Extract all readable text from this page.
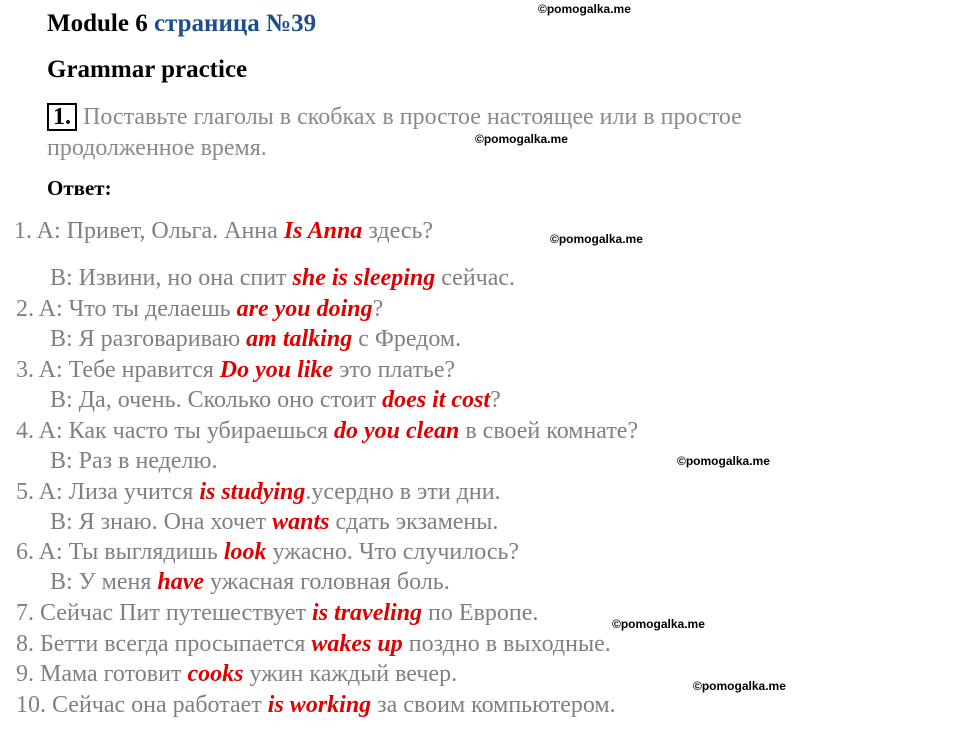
Module 6 страница №39
Grammar practice
1. Поставьте глаголы в скобках в простое настоящее или в простое продолженное время.
Ответ:
©pomogalka.me
©pomogalka.me
©pomogalka.me
©pomogalka.me
©pomogalka.me
©pomogalka.me
1. A: Привет, Ольга. Анна Is Anna здесь?
B: Извини, но она спит she is sleeping сейчас.
2. A: Что ты делаешь are you doing?
B: Я разговариваю am talking с Фредом.
3. A: Тебе нравится Do you like это платье?
B: Да, очень. Сколько оно стоит does it cost?
4. A: Как часто ты убираешься do you clean в своей комнате?
B: Раз в неделю.
5. A: Лиза учится is studying.усердно в эти дни.
B: Я знаю. Она хочет wants сдать экзамены.
6. A: Ты выглядишь look ужасно. Что случилось?
B: У меня have ужасная головная боль.
7. Сейчас Пит путешествует is traveling по Европе.
8. Бетти всегда просыпается wakes up поздно в выходные.
9. Мама готовит cooks ужин каждый вечер.
10. Сейчас она работает is working за своим компьютером.
